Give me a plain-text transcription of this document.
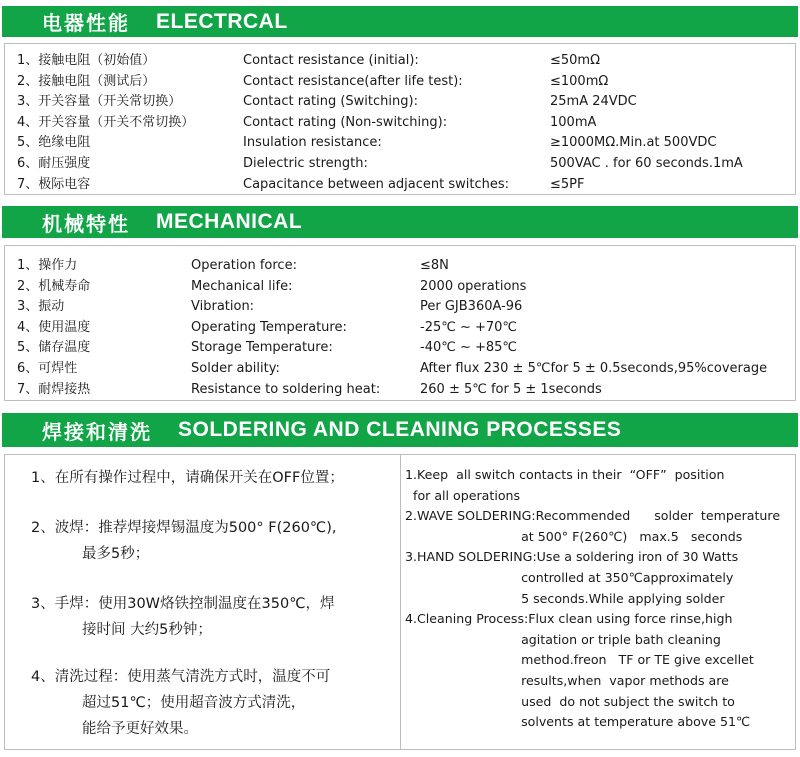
电器性能 ELECTRCAL
1、接触电阻（初始值）	Contact resistance (initial):	≤50mΩ
2、接触电阻（测试后）	Contact resistance(after life test):	≤100mΩ
3、开关容量（开关常切换）	Contact rating (Switching):	25mA 24VDC
4、开关容量（开关不常切换）	Contact rating (Non-switching):	100mA
5、绝缘电阻	Insulation resistance:	≥1000MΩ.Min.at 500VDC
6、耐压强度	Dielectric strength:	500VAC . for 60 seconds.1mA
7、极际电容	Capacitance between adjacent switches:	≤5PF
机械特性 MECHANICAL
1、操作力	Operation force:	≤8N
2、机械寿命	Mechanical life:	2000 operations
3、振动	Vibration:	Per GJB360A-96
4、使用温度	Operating Temperature:	-25℃ ~ +70℃
5、储存温度	Storage Temperature:	-40℃ ~ +85℃
6、可焊性	Solder ability:	After flux 230 ± 5℃for 5 ± 0.5seconds,95%coverage
7、耐焊接热	Resistance to soldering heat:	260 ± 5℃ for 5 ± 1seconds
焊接和清洗 SOLDERING AND CLEANING PROCESSES
1、在所有操作过程中，请确保开关在OFF位置；
2、波焊：推荐焊接焊锡温度为500° F(260℃),
最多5秒；
3、手焊：使用30W烙铁控制温度在350℃，焊
接时间 大约5秒钟；
4、清洗过程：使用蒸气清洗方式时，温度不可
超过51℃；使用超音波方式清洗，
能给予更好效果。
1.Keep  all switch contacts in their  “OFF”  position
for all operations
2.WAVE SOLDERING:Recommended      solder  temperature
at 500° F(260℃)   max.5   seconds
3.HAND SOLDERING:Use a soldering iron of 30 Watts
controlled at 350℃approximately
5 seconds.While applying solder
4.Cleaning Process:Flux clean using force rinse,high
agitation or triple bath cleaning
method.freon   TF or TE give excellet
results,when  vapor methods are
used  do not subject the switch to
solvents at temperature above 51℃
